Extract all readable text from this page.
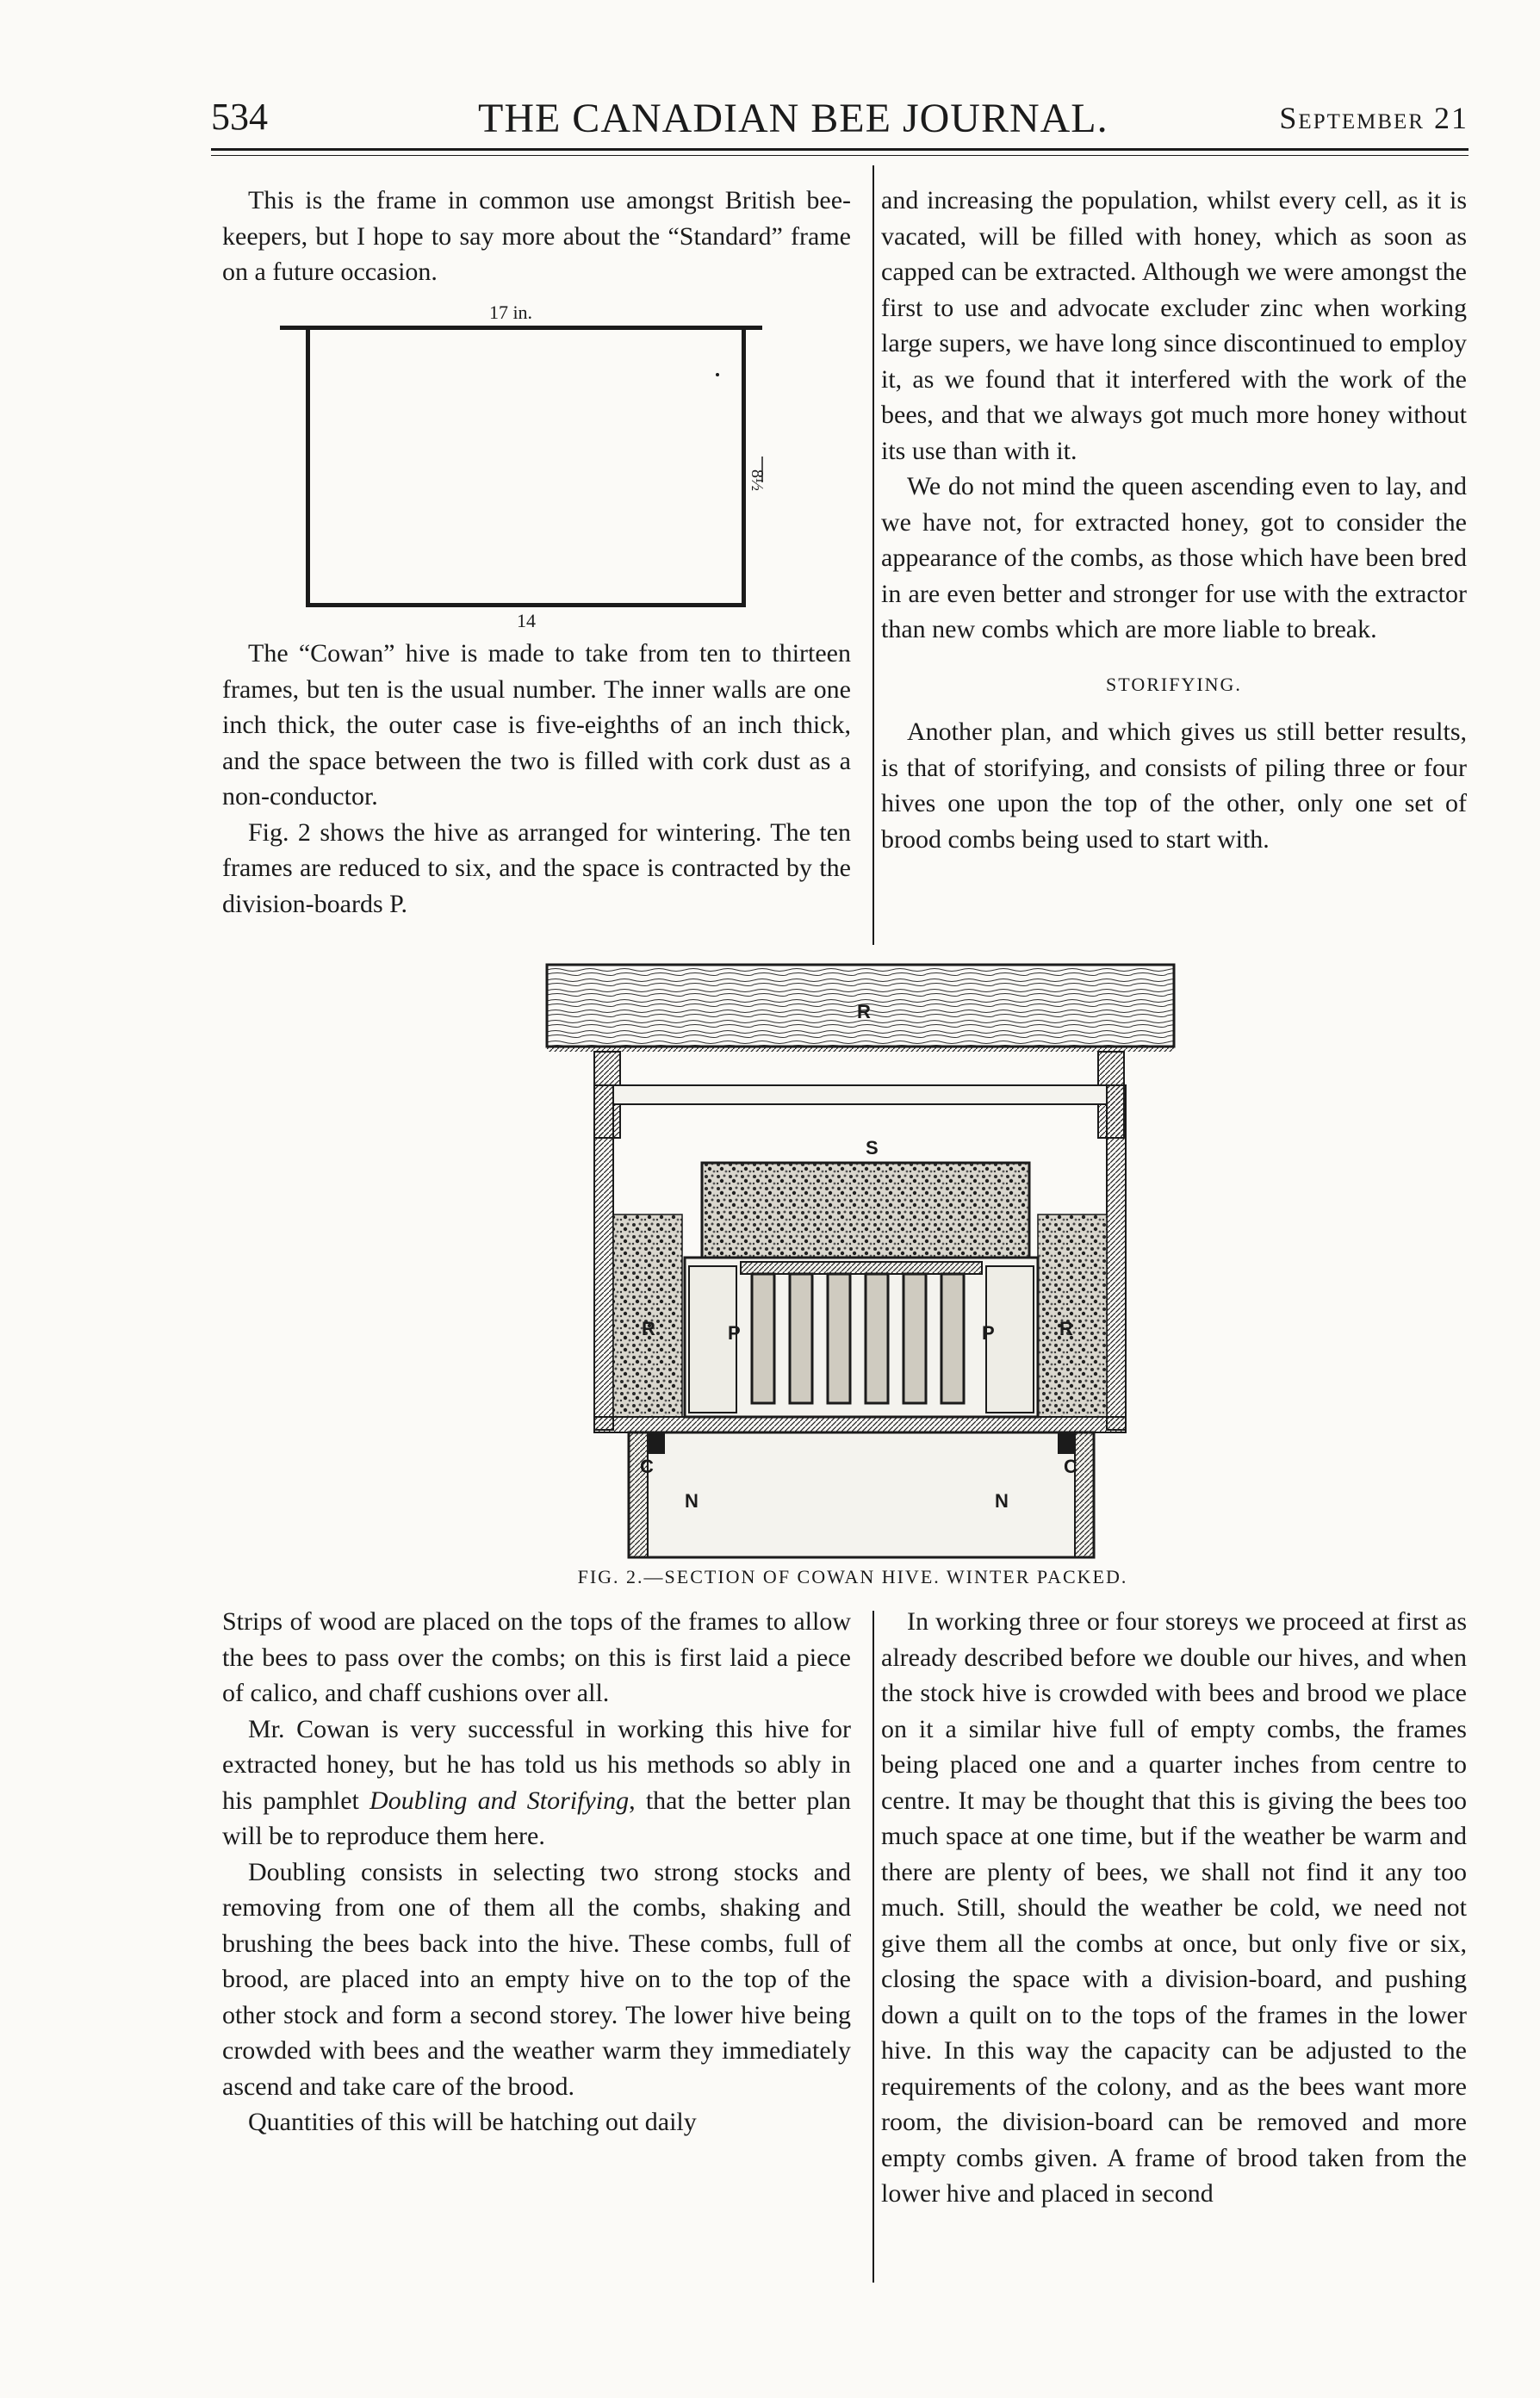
534	THE CANADIAN BEE JOURNAL.	September 21

This is the frame in common use amongst British bee-keepers, but I hope to say more about the “Standard” frame on a future occasion.

17 in.
8½
14

The “Cowan” hive is made to take from ten to thirteen frames, but ten is the usual number. The inner walls are one inch thick, the outer case is five-eighths of an inch thick, and the space between the two is filled with cork dust as a non-conductor.

Fig. 2 shows the hive as arranged for wintering. The ten frames are reduced to six, and the space is contracted by the division-boards P.

and increasing the population, whilst every cell, as it is vacated, will be filled with honey, which as soon as capped can be extracted. Although we were amongst the first to use and advocate excluder zinc when working large supers, we have long since discontinued to employ it, as we found that it interfered with the work of the bees, and that we always got much more honey without its use than with it.

We do not mind the queen ascending even to lay, and we have not, for extracted honey, got to consider the appearance of the combs, as those which have been bred in are even better and stronger for use with the extractor than new combs which are more liable to break.

STORIFYING.

Another plan, and which gives us still better results, is that of storifying, and consists of piling three or four hives one upon the top of the other, only one set of brood combs being used to start with.

R
S
R	R
P	P
C	C
N	N
FIG. 2.—SECTION OF COWAN HIVE. WINTER PACKED.

Strips of wood are placed on the tops of the frames to allow the bees to pass over the combs; on this is first laid a piece of calico, and chaff cushions over all.

Mr. Cowan is very successful in working this hive for extracted honey, but he has told us his methods so ably in his pamphlet Doubling and Storifying, that the better plan will be to reproduce them here.

Doubling consists in selecting two strong stocks and removing from one of them all the combs, shaking and brushing the bees back into the hive. These combs, full of brood, are placed into an empty hive on to the top of the other stock and form a second storey. The lower hive being crowded with bees and the weather warm they immediately ascend and take care of the brood.

Quantities of this will be hatching out daily

In working three or four storeys we proceed at first as already described before we double our hives, and when the stock hive is crowded with bees and brood we place on it a similar hive full of empty combs, the frames being placed one and a quarter inches from centre to centre. It may be thought that this is giving the bees too much space at one time, but if the weather be warm and there are plenty of bees, we shall not find it any too much. Still, should the weather be cold, we need not give them all the combs at once, but only five or six, closing the space with a division-board, and pushing down a quilt on to the tops of the frames in the lower hive. In this way the capacity can be adjusted to the requirements of the colony, and as the bees want more room, the division-board can be removed and more empty combs given. A frame of brood taken from the lower hive and placed in second
